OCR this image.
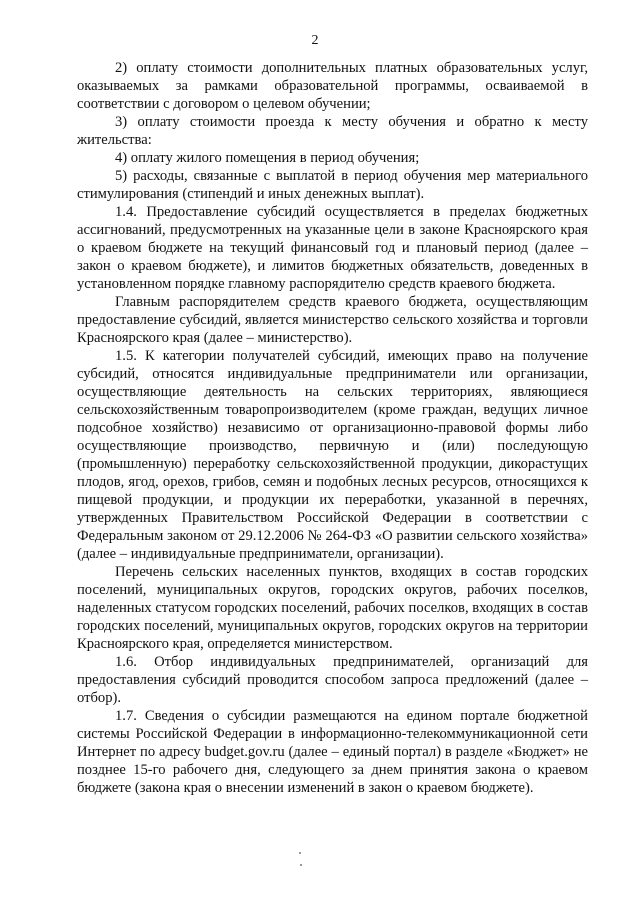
2

2) оплату стоимости дополнительных платных образовательных услуг, оказываемых за рамками образовательной программы, осваиваемой в соответствии с договором о целевом обучении;

3) оплату стоимости проезда к месту обучения и обратно к месту жительства:

4) оплату жилого помещения в период обучения;

5) расходы, связанные с выплатой в период обучения мер материального стимулирования (стипендий и иных денежных выплат).

1.4. Предоставление субсидий осуществляется в пределах бюджетных ассигнований, предусмотренных на указанные цели в законе Красноярского края о краевом бюджете на текущий финансовый год и плановый период (далее – закон о краевом бюджете), и лимитов бюджетных обязательств, доведенных в установленном порядке главному распорядителю средств краевого бюджета.

Главным распорядителем средств краевого бюджета, осуществляющим предоставление субсидий, является министерство сельского хозяйства и торговли Красноярского края (далее – министерство).

1.5. К категории получателей субсидий, имеющих право на получение субсидий, относятся индивидуальные предприниматели или организации, осуществляющие деятельность на сельских территориях, являющиеся сельскохозяйственным товаропроизводителем (кроме граждан, ведущих личное подсобное хозяйство) независимо от организационно-правовой формы либо осуществляющие производство, первичную и (или) последующую (промышленную) переработку сельскохозяйственной продукции, дикорастущих плодов, ягод, орехов, грибов, семян и подобных лесных ресурсов, относящихся к пищевой продукции, и продукции их переработки, указанной в перечнях, утвержденных Правительством Российской Федерации в соответствии с Федеральным законом от 29.12.2006 № 264-ФЗ «О развитии сельского хозяйства» (далее – индивидуальные предприниматели, организации).

Перечень сельских населенных пунктов, входящих в состав городских поселений, муниципальных округов, городских округов, рабочих поселков, наделенных статусом городских поселений, рабочих поселков, входящих в состав городских поселений, муниципальных округов, городских округов на территории Красноярского края, определяется министерством.

1.6. Отбор индивидуальных предпринимателей, организаций для предоставления субсидий проводится способом запроса предложений (далее – отбор).

1.7. Сведения о субсидии размещаются на едином портале бюджетной системы Российской Федерации в информационно-телекоммуникационной сети Интернет по адресу budget.gov.ru (далее – единый портал) в разделе «Бюджет» не позднее 15-го рабочего дня, следующего за днем принятия закона о краевом бюджете (закона края о внесении изменений в закон о краевом бюджете).
